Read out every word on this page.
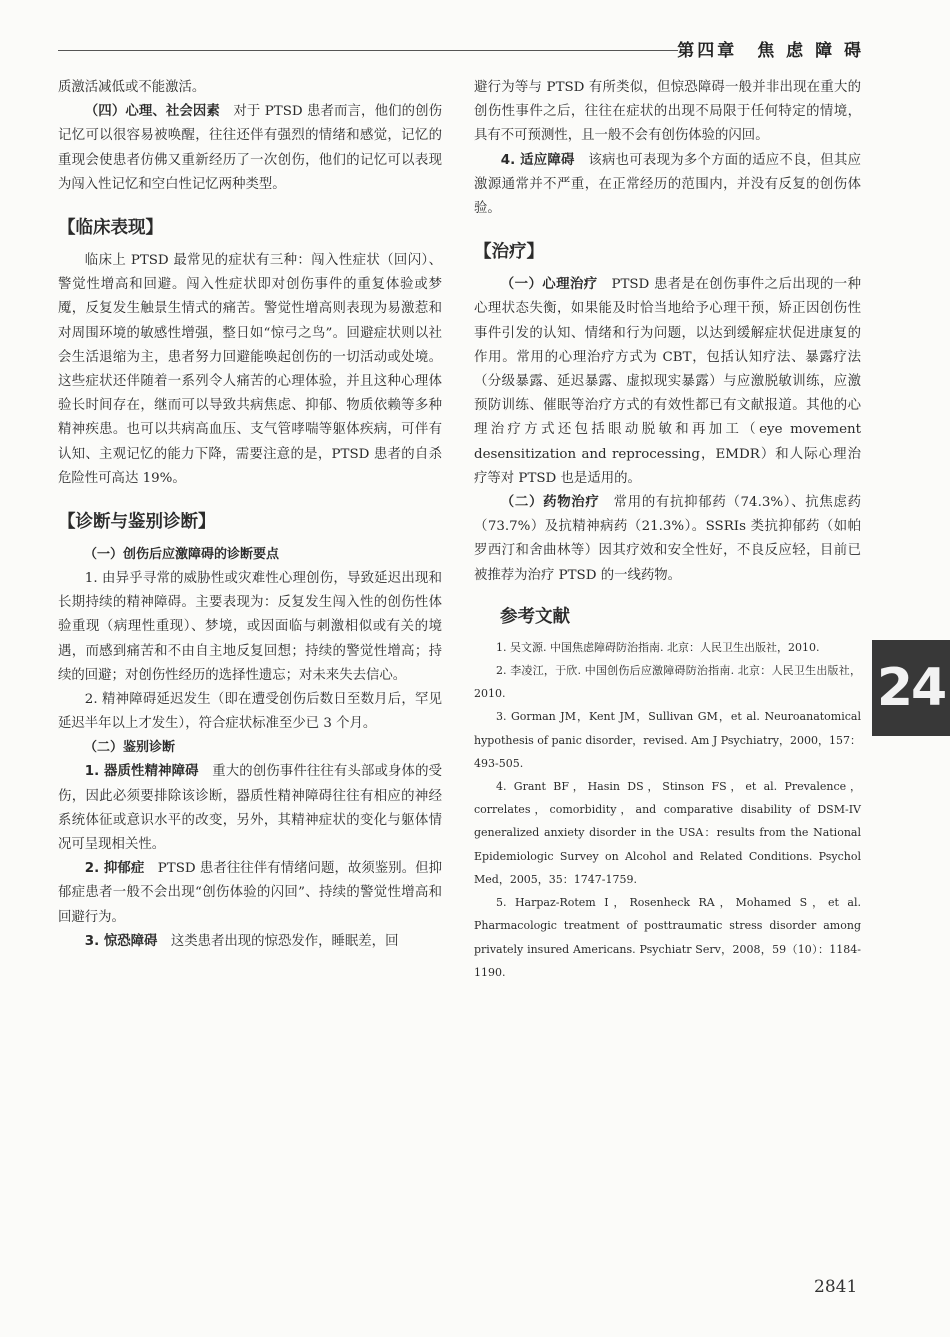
第四章　焦 虑 障 碍

质激活减低或不能激活。

（四）心理、社会因素　对于 PTSD 患者而言，他们的创伤记忆可以很容易被唤醒，往往还伴有强烈的情绪和感觉，记忆的重现会使患者仿佛又重新经历了一次创伤，他们的记忆可以表现为闯入性记忆和空白性记忆两种类型。

【临床表现】

临床上 PTSD 最常见的症状有三种：闯入性症状（回闪）、警觉性增高和回避。闯入性症状即对创伤事件的重复体验或梦魇，反复发生触景生情式的痛苦。警觉性增高则表现为易激惹和对周围环境的敏感性增强，整日如“惊弓之鸟”。回避症状则以社会生活退缩为主，患者努力回避能唤起创伤的一切活动或处境。这些症状还伴随着一系列令人痛苦的心理体验，并且这种心理体验长时间存在，继而可以导致共病焦虑、抑郁、物质依赖等多种精神疾患。也可以共病高血压、支气管哮喘等躯体疾病，可伴有认知、主观记忆的能力下降，需要注意的是，PTSD 患者的自杀危险性可高达 19%。

【诊断与鉴别诊断】
（一）创伤后应激障碍的诊断要点

1. 由异乎寻常的威胁性或灾难性心理创伤，导致延迟出现和长期持续的精神障碍。主要表现为：反复发生闯入性的创伤性体验重现（病理性重现）、梦境，或因面临与刺激相似或有关的境遇，而感到痛苦和不由自主地反复回想；持续的警觉性增高；持续的回避；对创伤性经历的选择性遗忘；对未来失去信心。

2. 精神障碍延迟发生（即在遭受创伤后数日至数月后，罕见延迟半年以上才发生），符合症状标准至少已 3 个月。

（二）鉴别诊断

1. 器质性精神障碍　重大的创伤事件往往有头部或身体的受伤，因此必须要排除该诊断，器质性精神障碍往往有相应的神经系统体征或意识水平的改变，另外，其精神症状的变化与躯体情况可呈现相关性。

2. 抑郁症　PTSD 患者往往伴有情绪问题，故须鉴别。但抑郁症患者一般不会出现“创伤体验的闪回”、持续的警觉性增高和回避行为。

3. 惊恐障碍　这类患者出现的惊恐发作，睡眠差，回

避行为等与 PTSD 有所类似，但惊恐障碍一般并非出现在重大的创伤性事件之后，往往在症状的出现不局限于任何特定的情境，具有不可预测性，且一般不会有创伤体验的闪回。

4. 适应障碍　该病也可表现为多个方面的适应不良，但其应激源通常并不严重，在正常经历的范围内，并没有反复的创伤体验。

【治疗】

（一）心理治疗　PTSD 患者是在创伤事件之后出现的一种心理状态失衡，如果能及时恰当地给予心理干预，矫正因创伤性事件引发的认知、情绪和行为问题，以达到缓解症状促进康复的作用。常用的心理治疗方式为 CBT，包括认知疗法、暴露疗法（分级暴露、延迟暴露、虚拟现实暴露）与应激脱敏训练，应激预防训练、催眠等治疗方式的有效性都已有文献报道。其他的心理治疗方式还包括眼动脱敏和再加工（eye movement desensitization and reprocessing，EMDR）和人际心理治疗等对 PTSD 也是适用的。

（二）药物治疗　常用的有抗抑郁药（74.3%）、抗焦虑药（73.7%）及抗精神病药（21.3%）。SSRIs 类抗抑郁药（如帕罗西汀和舍曲林等）因其疗效和安全性好，不良反应轻，目前已被推荐为治疗 PTSD 的一线药物。

参考文献

1. 吴文源. 中国焦虑障碍防治指南. 北京：人民卫生出版社，2010.

2. 李凌江，于欣. 中国创伤后应激障碍防治指南. 北京：人民卫生出版社，2010.

3. Gorman JM，Kent JM，Sullivan GM，et al. Neuroanatomical hypothesis of panic disorder，revised. Am J Psychiatry，2000，157：493-505.

4. Grant BF，Hasin DS，Stinson FS，et al. Prevalence，correlates，comorbidity，and comparative disability of DSM-IV generalized anxiety disorder in the USA：results from the National Epidemiologic Survey on Alcohol and Related Conditions. Psychol Med，2005，35：1747-1759.

5. Harpaz-Rotem I，Rosenheck RA，Mohamed S，et al. Pharmacologic treatment of posttraumatic stress disorder among privately insured Americans. Psychiatr Serv，2008，59（10）：1184-1190.

24
2841
